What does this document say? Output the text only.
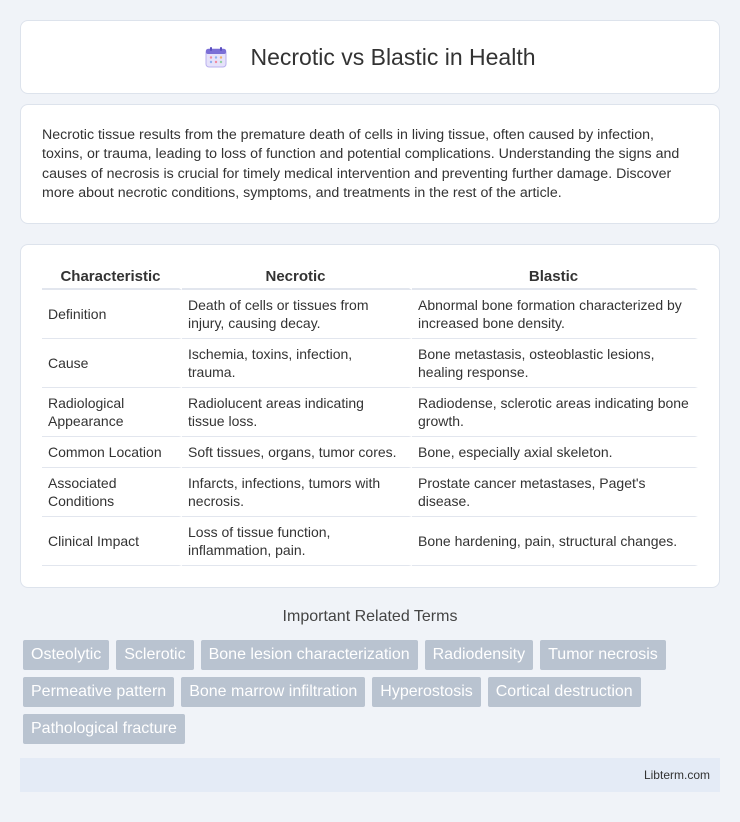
Necrotic vs Blastic in Health

Necrotic tissue results from the premature death of cells in living tissue, often caused by infection, toxins, or trauma, leading to loss of function and potential complications. Understanding the signs and causes of necrosis is crucial for timely medical intervention and preventing further damage. Discover more about necrotic conditions, symptoms, and treatments in the rest of the article.

Characteristic	Necrotic	Blastic
Definition	Death of cells or tissues from injury, causing decay.	Abnormal bone formation characterized by increased bone density.
Cause	Ischemia, toxins, infection, trauma.	Bone metastasis, osteoblastic lesions, healing response.
Radiological Appearance	Radiolucent areas indicating tissue loss.	Radiodense, sclerotic areas indicating bone growth.
Common Location	Soft tissues, organs, tumor cores.	Bone, especially axial skeleton.
Associated Conditions	Infarcts, infections, tumors with necrosis.	Prostate cancer metastases, Paget's disease.
Clinical Impact	Loss of tissue function, inflammation, pain.	Bone hardening, pain, structural changes.
Important Related Terms
Osteolytic	Sclerotic	Bone lesion characterization	Radiodensity	Tumor necrosis
Permeative pattern	Bone marrow infiltration	Hyperostosis	Cortical destruction
Pathological fracture
Libterm.com
